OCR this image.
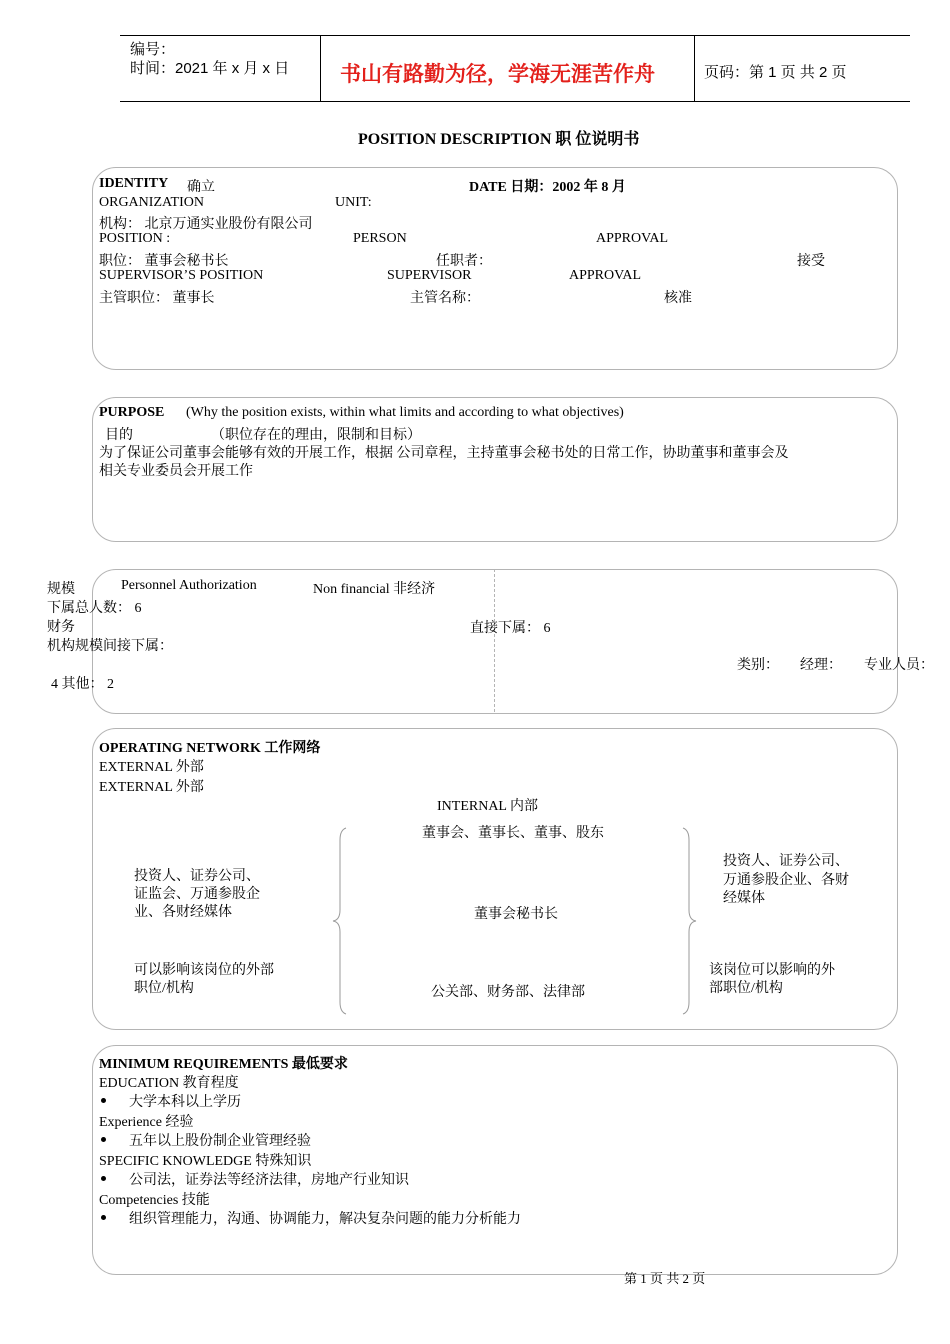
编号：
时间：2021 年 x 月 x 日 书山有路勤为径，学海无涯苦作舟	页码：第 1 页 共 2 页
POSITION DESCRIPTION 职 位说明书
IDENTITY 确立	DATE 日期：2002 年 8 月
ORGANIZATION	UNIT:
机构： 北京万通实业股份有限公司
POSITION :	PERSON	APPROVAL
职位： 董事会秘书长	任职者：	接受
SUPERVISOR’S POSITION	SUPERVISOR	APPROVAL
主管职位： 董事长	主管名称：	核准
PURPOSE (Why the position exists, within what limits and according to what objectives)
目的	（职位存在的理由，限制和目标）
为了保证公司董事会能够有效的开展工作，根据 公司章程，主持董事会秘书处的日常工作，协助董事和董事会及
相关专业委员会开展工作
规模	Personnel Authorization	Non financial 非经济
下属总人数： 6
财务	直接下属： 6
机构规模间接下属：
类别： 经理： 专业人员：
4 其他： 2
OPERATING NETWORK 工作网络
EXTERNAL 外部
EXTERNAL 外部
INTERNAL 内部
董事会、董事长、董事、股东
董事会秘书长
公关部、财务部、法律部
投资人、证券公司、
证监会、万通参股企
业、各财经媒体
可以影响该岗位的外部
职位/机构
投资人、证券公司、
万通参股企业、各财
经媒体
该岗位可以影响的外
部职位/机构
MINIMUM REQUIREMENTS 最低要求
EDUCATION 教育程度
大学本科以上学历
Experience 经验
五年以上股份制企业管理经验
SPECIFIC KNOWLEDGE 特殊知识
公司法，证券法等经济法律，房地产行业知识
Competencies 技能
组织管理能力，沟通、协调能力，解决复杂问题的能力分析能力
第 1 页 共 2 页
